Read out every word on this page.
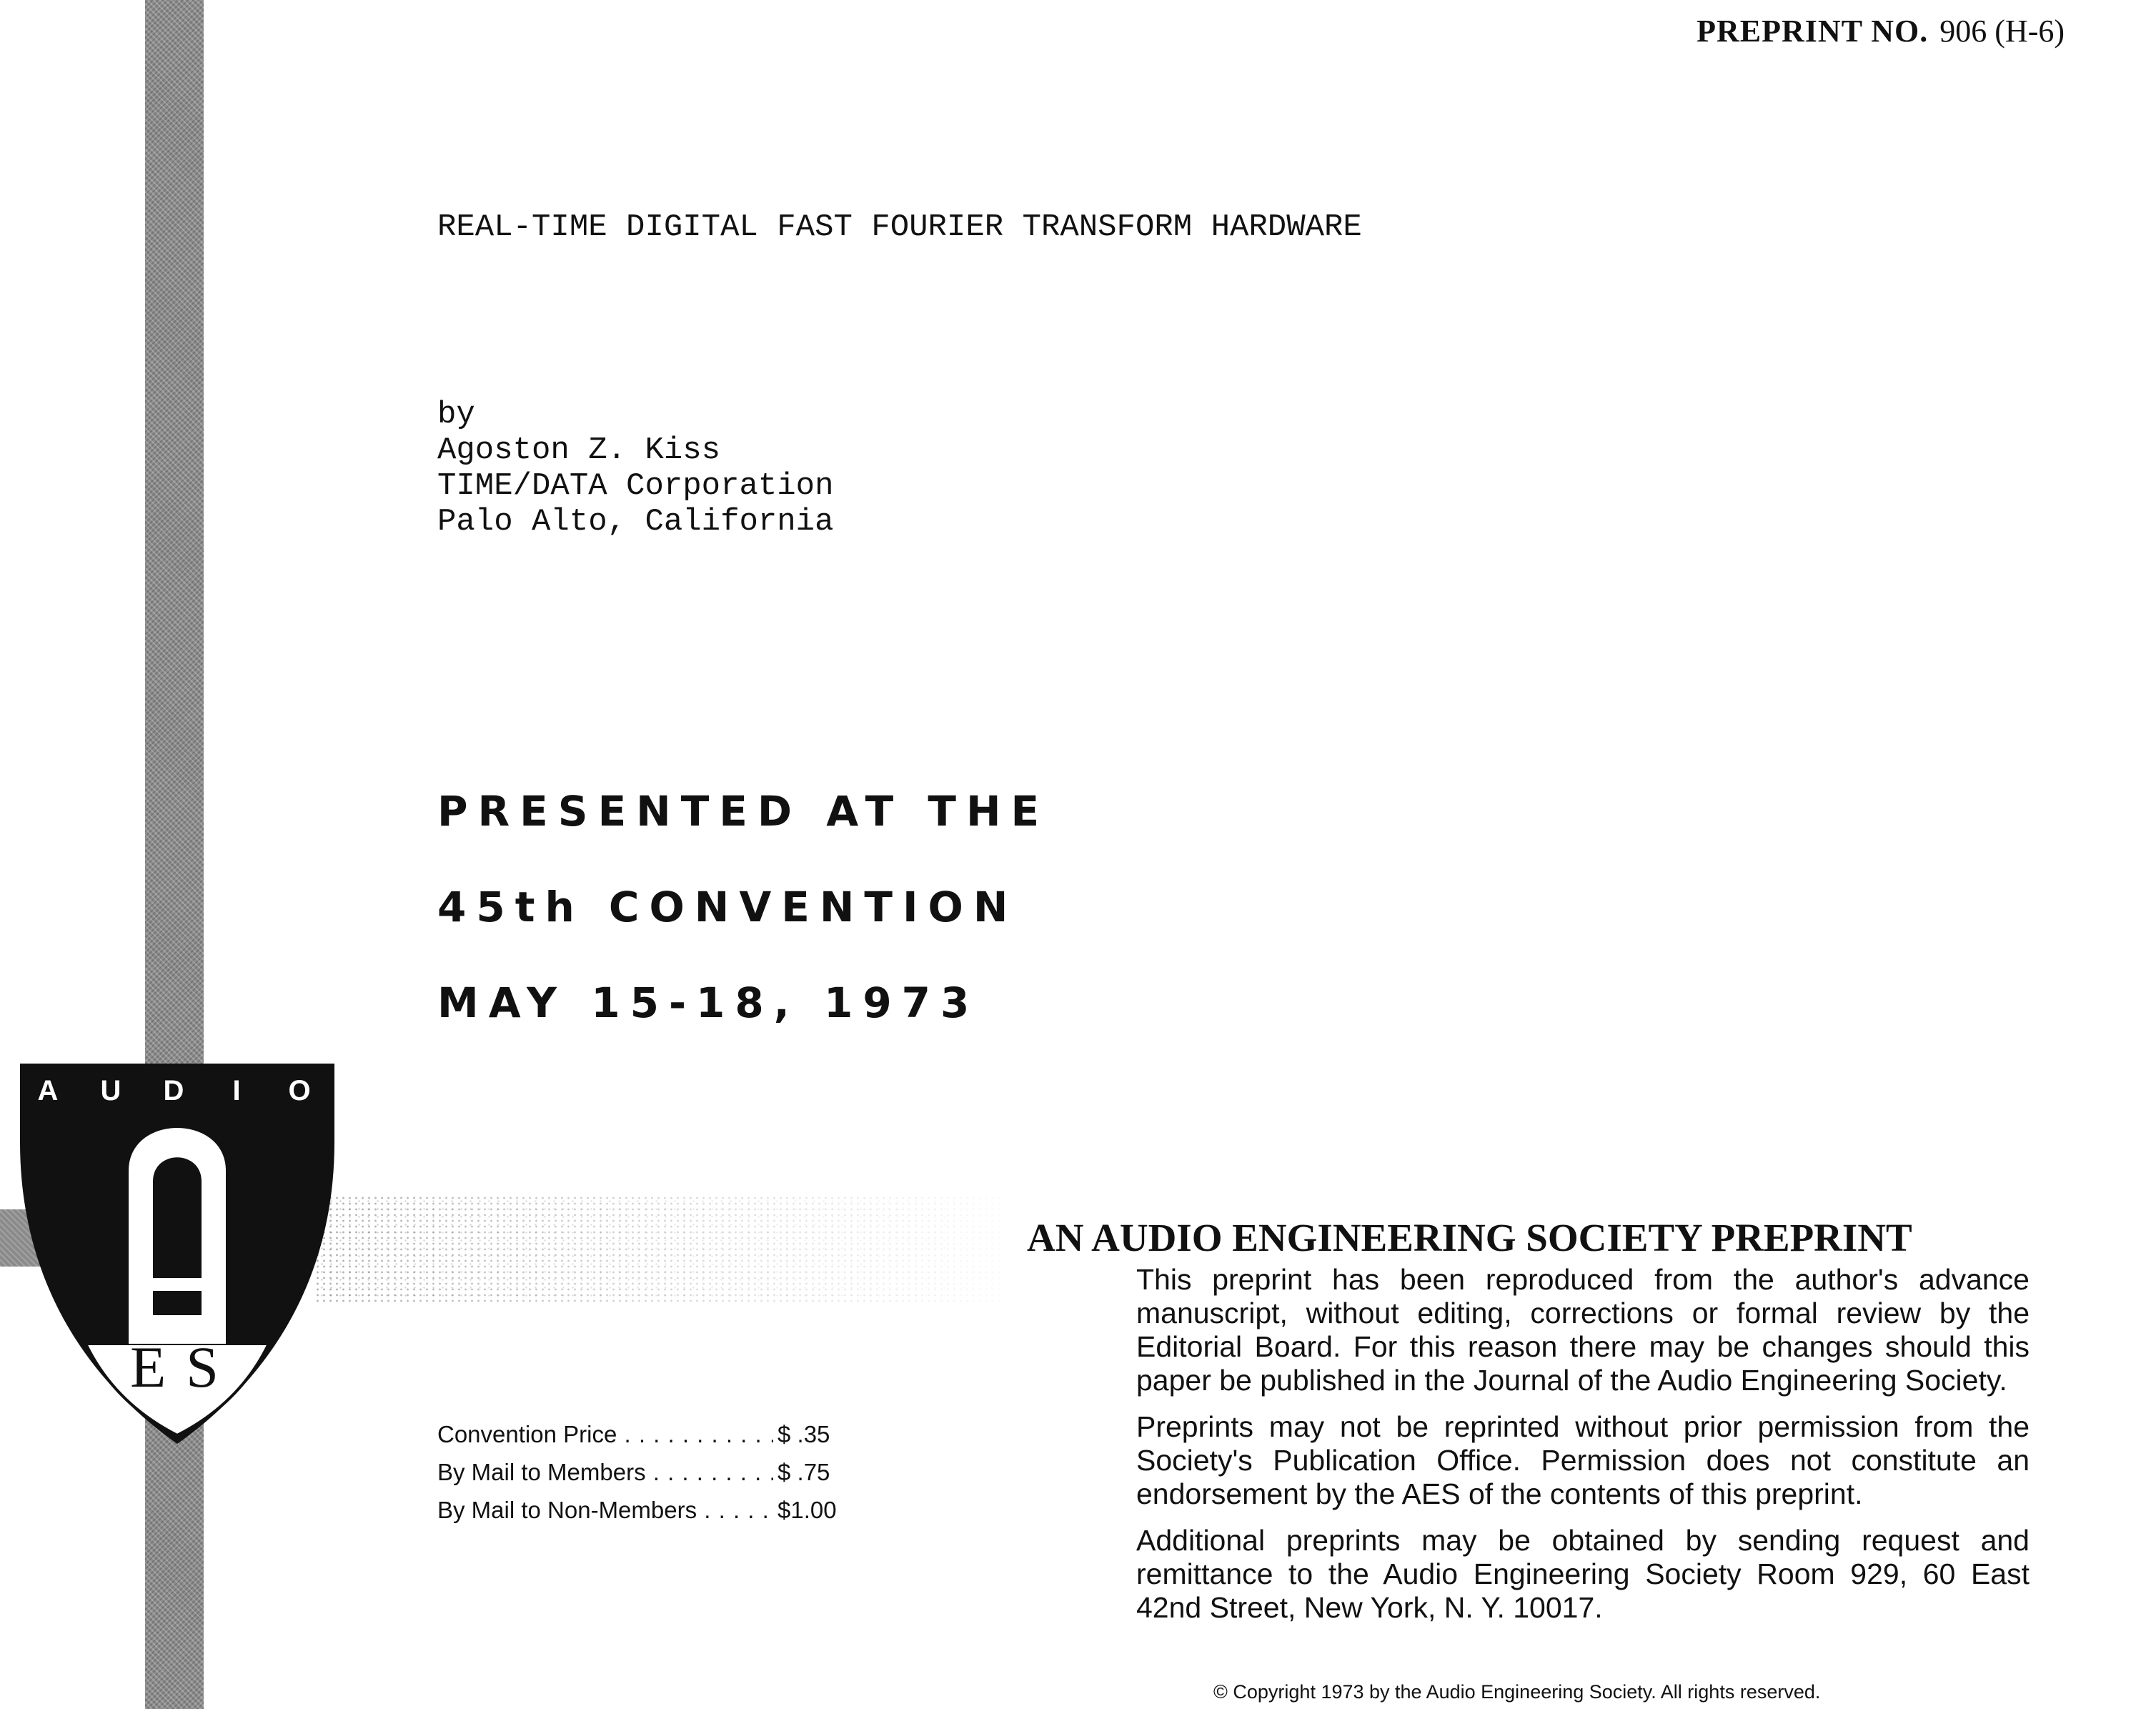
PREPRINT NO. 906 (H-6)
REAL-TIME DIGITAL FAST FOURIER TRANSFORM HARDWARE
by
Agoston Z. Kiss
TIME/DATA Corporation
Palo Alto, California
PRESENTED AT THE
45th CONVENTION
MAY 15-18, 1973
A U D	I	O
ES
Convention Price . . .	$ .35
By Mail to Members . . .	$ .75
By Mail to Non-Members . . .	$1.00
AN AUDIO ENGINEERING SOCIETY PREPRINT

This preprint has been reproduced from the author's advance manuscript, without editing, corrections or formal review by the Editorial Board. For this reason there may be changes should this paper be published in the Journal of the Audio Engineering Society.

Preprints may not be reprinted without prior permission from the Society's Publication Office. Permission does not constitute an endorsement by the AES of the contents of this preprint.

Additional preprints may be obtained by sending request and remittance to the Audio Engineering Society Room 929, 60 East 42nd Street, New York, N. Y. 10017.

© Copyright 1973 by the Audio Engineering Society. All rights reserved.
